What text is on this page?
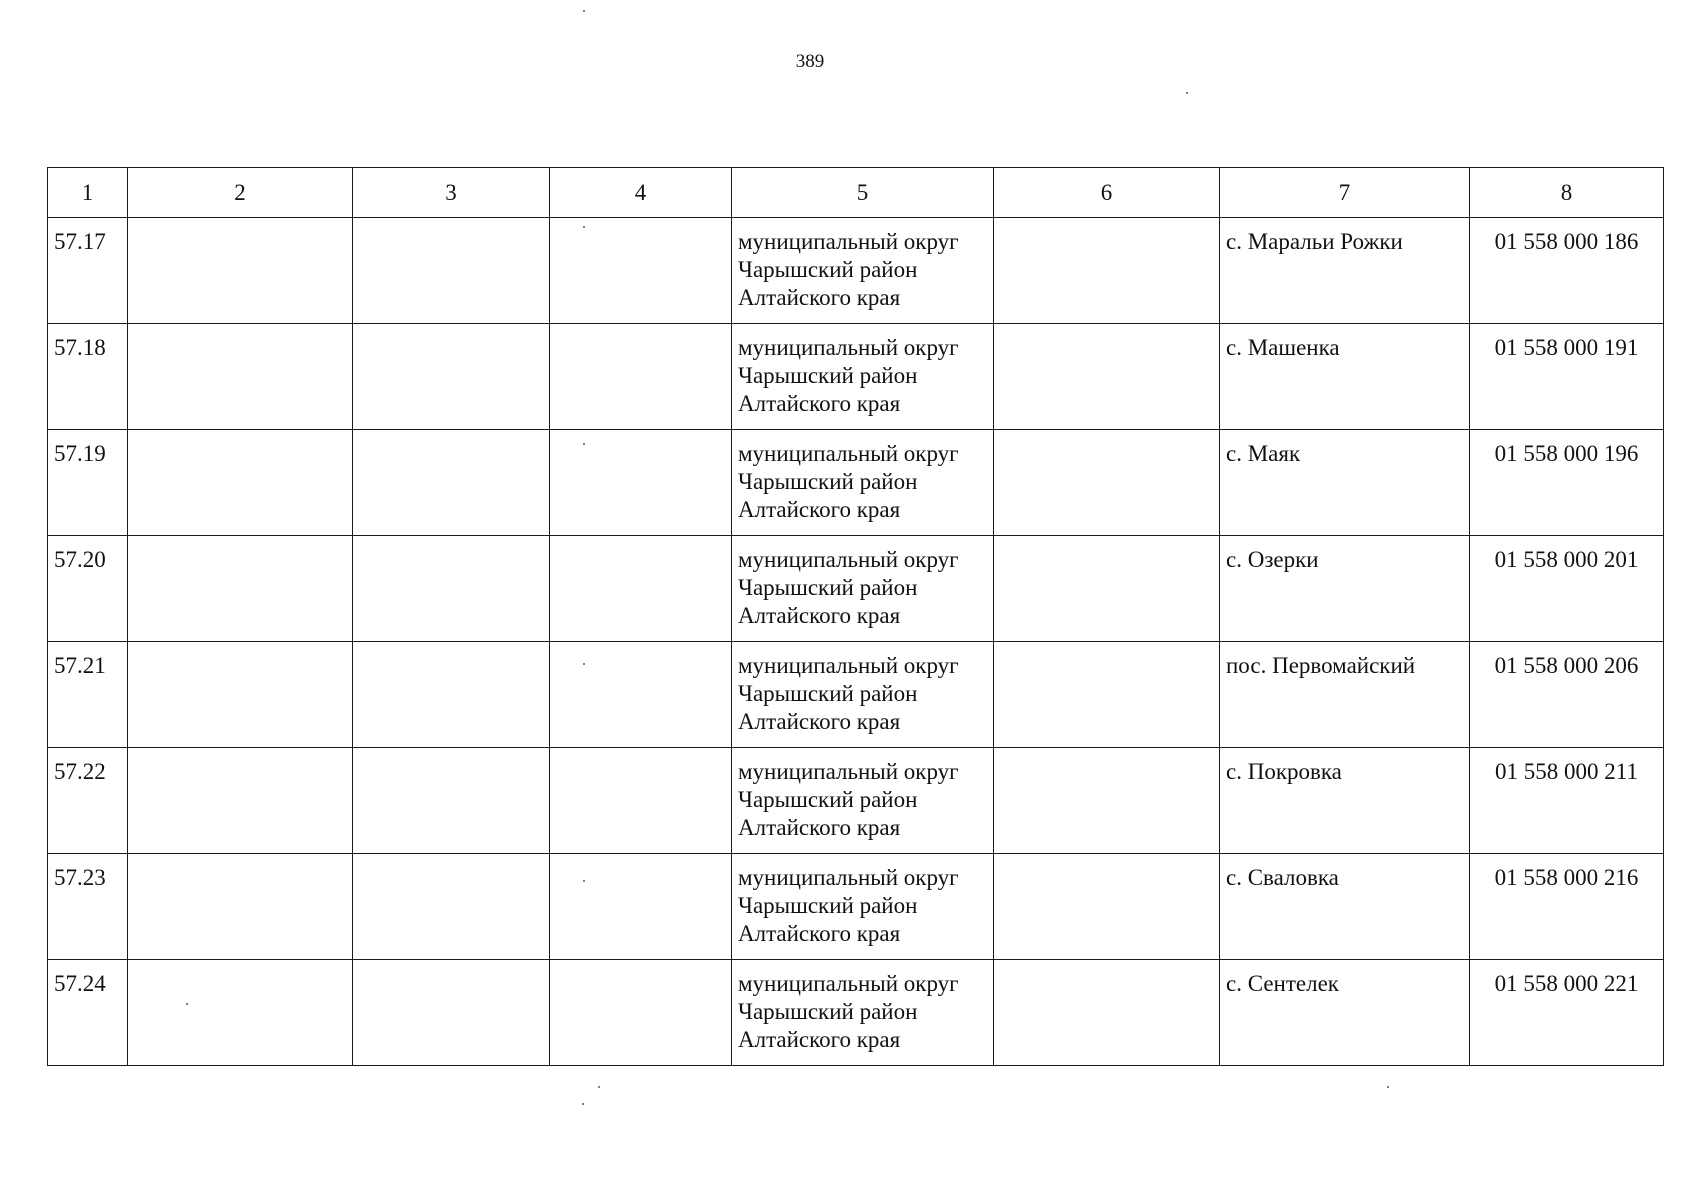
389
1	2	3	4	5	6	7	8
57.17				муниципальный округ
Чарышский район
Алтайского края		с. Маральи Рожки	01 558 000 186
57.18				муниципальный округ
Чарышский район
Алтайского края		с. Машенка	01 558 000 191
57.19				муниципальный округ
Чарышский район
Алтайского края		с. Маяк	01 558 000 196
57.20				муниципальный округ
Чарышский район
Алтайского края		с. Озерки	01 558 000 201
57.21				муниципальный округ
Чарышский район
Алтайского края		пос. Первомайский	01 558 000 206
57.22				муниципальный округ
Чарышский район
Алтайского края		с. Покровка	01 558 000 211
57.23				муниципальный округ
Чарышский район
Алтайского края		с. Сваловка	01 558 000 216
57.24				муниципальный округ
Чарышский район
Алтайского края		с. Сентелек	01 558 000 221
